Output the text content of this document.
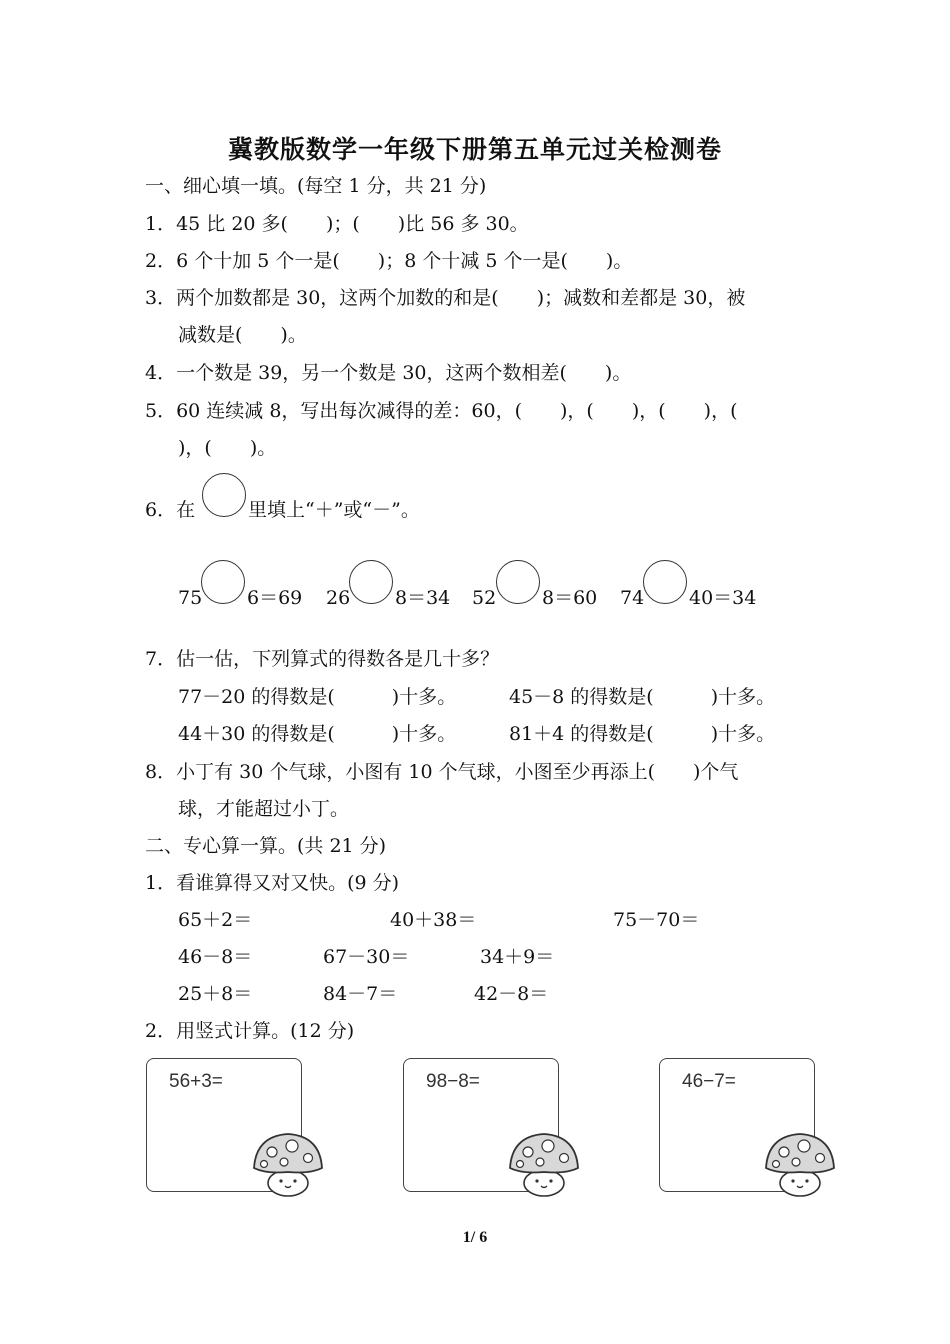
冀教版数学一年级下册第五单元过关检测卷
一、细心填一填。(每空 1 分，共 21 分)
1．45 比 20 多(　　)；(　　)比 56 多 30。
2．6 个十加 5 个一是(　　)；8 个十减 5 个一是(　　)。
3．两个加数都是 30，这两个加数的和是(　　)；减数和差都是 30，被
减数是(　　)。
4．一个数是 39，另一个数是 30，这两个数相差(　　)。
5．60 连续减 8，写出每次减得的差：60，(　　)，(　　)，(　　)，(
)，(　　)。
6．在	里填上“＋”或“－”。
75 6＝69 26 8＝34 52 8＝60 74 40＝34
7．估一估，下列算式的得数各是几十多？
77－20 的得数是(　　　)十多。	45－8 的得数是(　　　)十多。
44＋30 的得数是(　　　)十多。	81＋4 的得数是(　　　)十多。
8．小丁有 30 个气球，小图有 10 个气球，小图至少再添上(　　)个气
球，才能超过小丁。
二、专心算一算。(共 21 分)
1．看谁算得又对又快。(9 分)
65＋2＝	40＋38＝	75－70＝
46－8＝	67－30＝	34＋9＝
25＋8＝	84－7＝	42－8＝
2．用竖式计算。(12 分)
56+3=	98−8=	46−7=
1/ 6
